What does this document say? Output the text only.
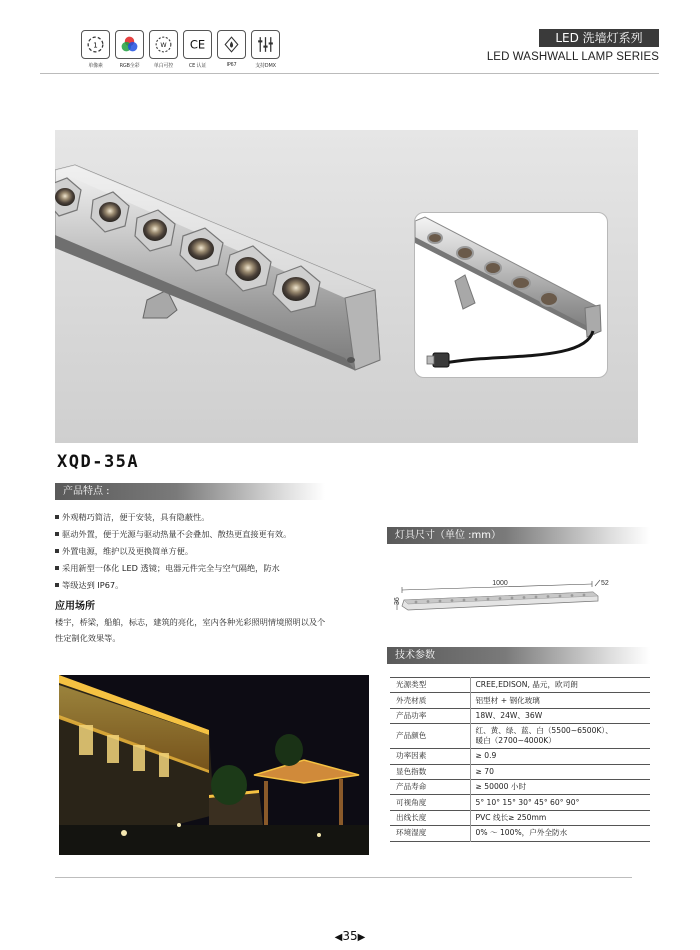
1
单像素	RGB全彩
W
单白可控
CE
CE 认证	IP67	支持DMX
LED 洗墙灯系列
LED WASHWALL LAMP SERIES
XQD-35A
产品特点 :
外观精巧简洁，便于安装，具有隐蔽性。
驱动外置，便于光源与驱动热量不会叠加、散热更直接更有效。
外置电源，维护以及更换简单方便。
采用新型一体化 LED 透镜；电器元件完全与空气隔绝，防水
等级达到 IP67。
应用场所
楼宇，桥梁，船舶，标志，建筑的亮化，室内各种光彩照明情境照明以及个性定制化效果等。
灯具尺寸（单位 :mm）
1000	52
36
技术参数
光源类型	CREE,EDISON, 晶元，欧司朗
外壳材质	铝型材 + 钢化玻璃
产品功率	18W、24W、36W
产品颜色	红、黄、绿、蓝、白（5500~6500K）、
暖白（2700~4000K）

功率因素	≥ 0.9
显色指数	≥ 70
产品寿命	≥ 50000 小时
可视角度	5° 10° 15° 30° 45° 60° 90°
出线长度	PVC 线长≥ 250mm
环境湿度	0% ～ 100%，户外全防水
◀35▶
